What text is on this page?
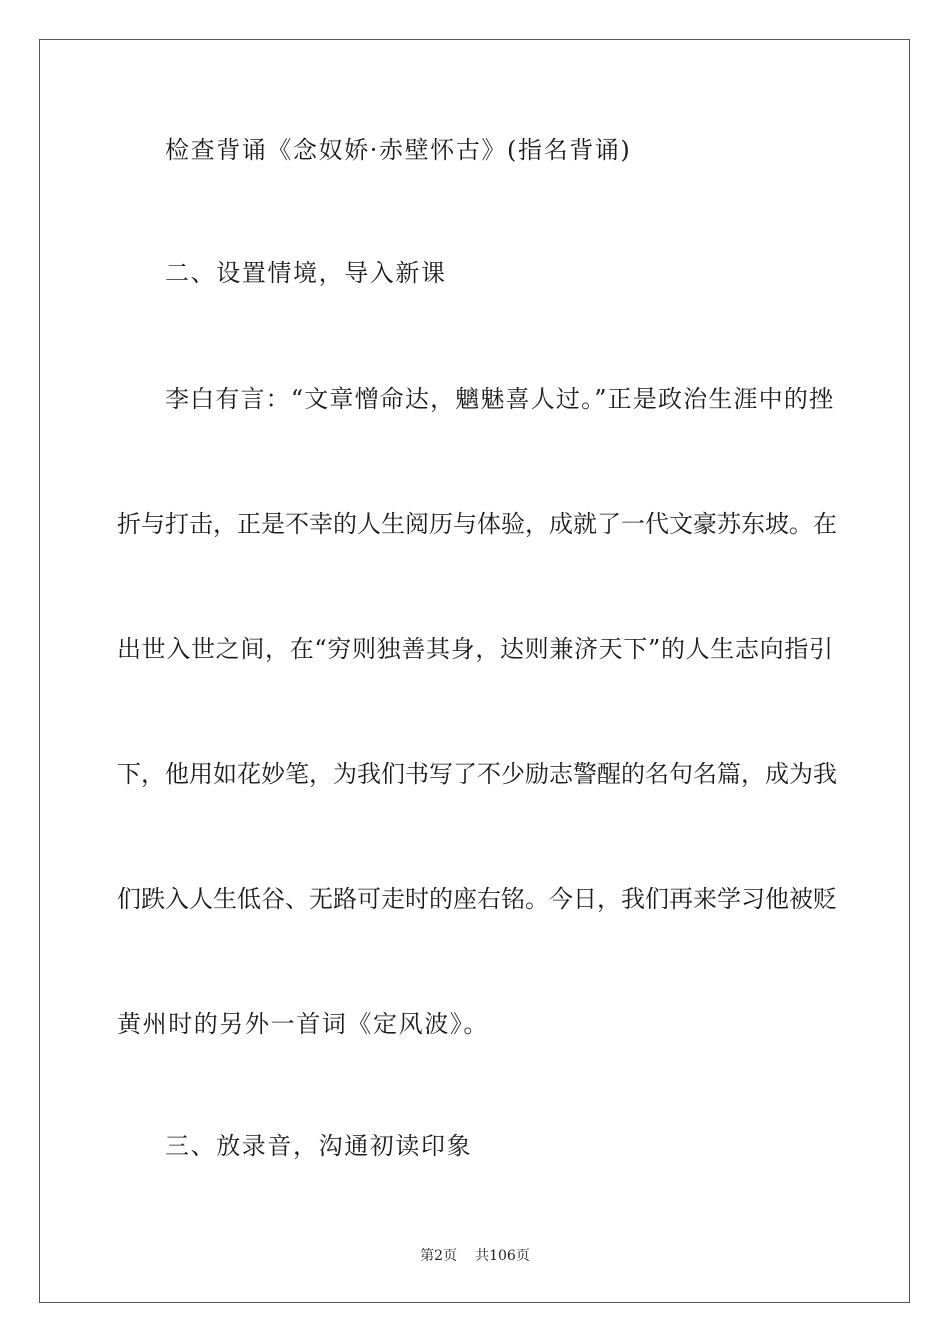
检查背诵《念奴娇·赤壁怀古》(指名背诵)
二、设置情境，导入新课
李白有言：“文章憎命达，魑魅喜人过。”正是政治生涯中的挫
折与打击，正是不幸的人生阅历与体验，成就了一代文豪苏东坡。在
出世入世之间，在“穷则独善其身，达则兼济天下”的人生志向指引
下，他用如花妙笔，为我们书写了不少励志警醒的名句名篇，成为我
们跌入人生低谷、无路可走时的座右铭。今日，我们再来学习他被贬
黄州时的另外一首词《定风波》。
三、放录音，沟通初读印象
第2页 共106页
